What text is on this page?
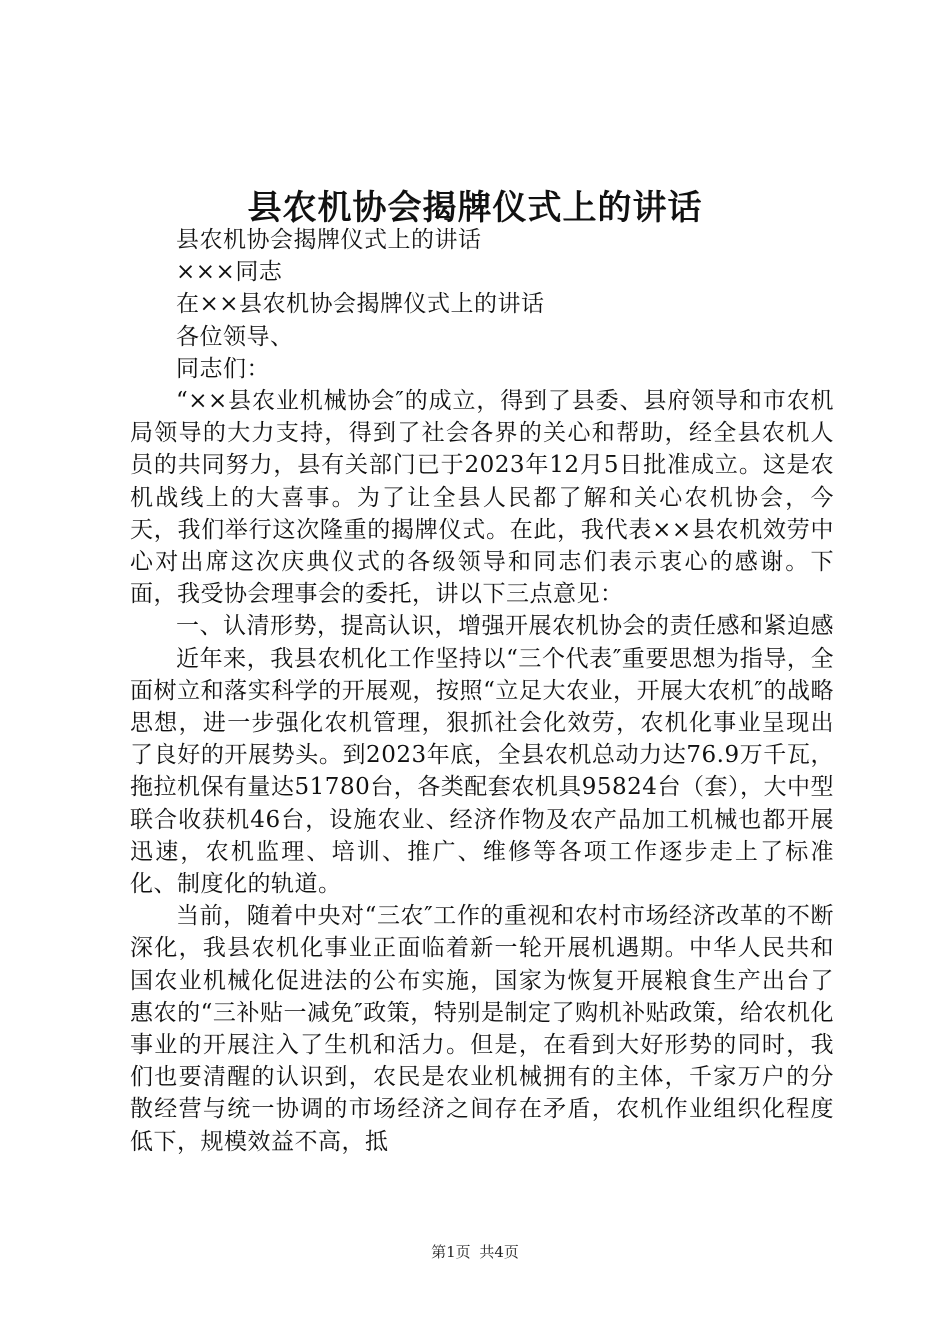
县农机协会揭牌仪式上的讲话

县农机协会揭牌仪式上的讲话

×××同志

在××县农机协会揭牌仪式上的讲话

各位领导、

同志们：

“××县农业机械协会″的成立，得到了县委、县府领导和市农机局领导的大力支持，得到了社会各界的关心和帮助，经全县农机人员的共同努力，县有关部门已于2023年12月5日批准成立。这是农机战线上的大喜事。为了让全县人民都了解和关心农机协会，今天，我们举行这次隆重的揭牌仪式。在此，我代表××县农机效劳中心对出席这次庆典仪式的各级领导和同志们表示衷心的感谢。下面，我受协会理事会的委托，讲以下三点意见：

一、认清形势，提高认识，增强开展农机协会的责任感和紧迫感

近年来，我县农机化工作坚持以“三个代表″重要思想为指导，全面树立和落实科学的开展观，按照“立足大农业，开展大农机″的战略思想，进一步强化农机管理，狠抓社会化效劳，农机化事业呈现出了良好的开展势头。到2023年底，全县农机总动力达76.9万千瓦，拖拉机保有量达51780台，各类配套农机具95824台（套），大中型联合收获机46台，设施农业、经济作物及农产品加工机械也都开展迅速，农机监理、培训、推广、维修等各项工作逐步走上了标准化、制度化的轨道。

当前，随着中央对“三农″工作的重视和农村市场经济改革的不断深化，我县农机化事业正面临着新一轮开展机遇期。中华人民共和国农业机械化促进法的公布实施，国家为恢复开展粮食生产出台了惠农的“三补贴一减免″政策，特别是制定了购机补贴政策，给农机化事业的开展注入了生机和活力。但是，在看到大好形势的同时，我们也要清醒的认识到，农民是农业机械拥有的主体，千家万户的分散经营与统一协调的市场经济之间存在矛盾，农机作业组织化程度低下，规模效益不高，抵

第1页 共4页
